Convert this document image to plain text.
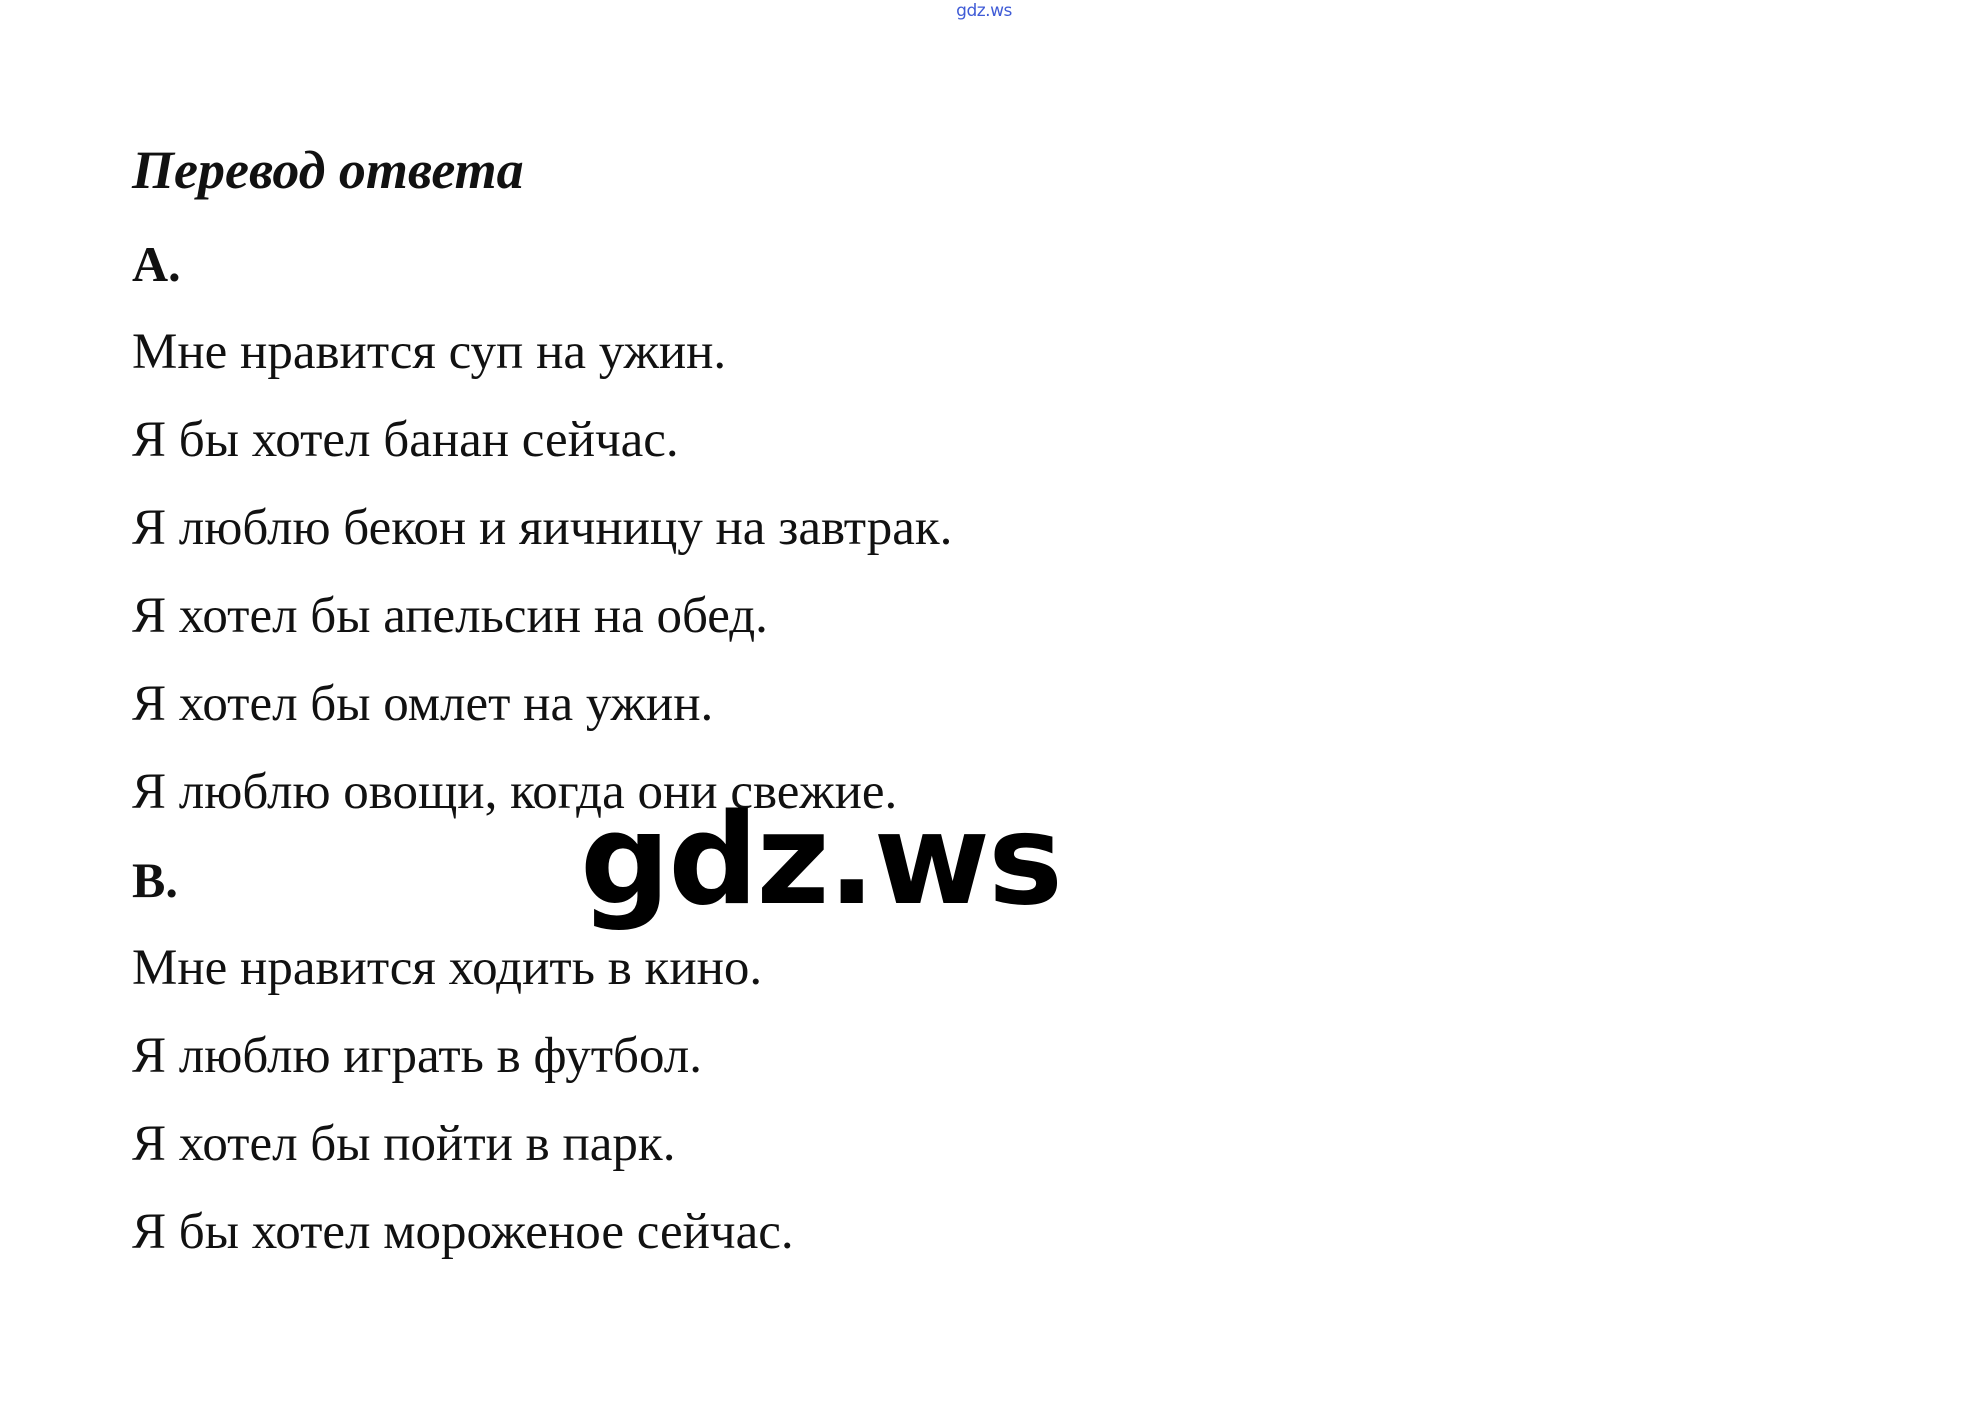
gdz.ws
Перевод ответа
A.
Мне нравится суп на ужин.
Я бы хотел банан сейчас.
Я люблю бекон и яичницу на завтрак.
Я хотел бы апельсин на обед.
Я хотел бы омлет на ужин.
Я люблю овощи, когда они свежие.
B.
Мне нравится ходить в кино.
Я люблю играть в футбол.
Я хотел бы пойти в парк.
Я бы хотел мороженое сейчас.
gdz.ws
